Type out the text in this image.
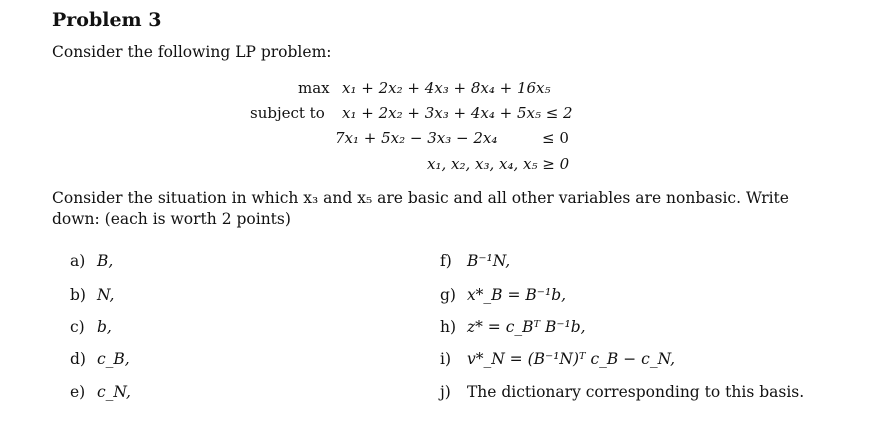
Problem 3
Consider the following LP problem:
max x₁ + 2x₂ + 4x₃ + 8x₄ + 16x₅
subject to x₁ + 2x₂ + 3x₃ + 4x₄ + 5x₅ ≤ 2
7x₁ + 5x₂ − 3x₃ − 2x₄	≤ 0
x₁, x₂, x₃, x₄, x₅ ≥ 0
Consider the situation in which x₃ and x₅ are basic and all other variables are nonbasic. Write
down: (each is worth 2 points)
a) B,
b) N,
c) b,
d) c_B,
e) c_N,
f) B⁻¹N,
g) x*_B = B⁻¹b,
h) z* = c_Bᵀ B⁻¹b,
i) v*_N = (B⁻¹N)ᵀ c_B − c_N,
j) The dictionary corresponding to this basis.
